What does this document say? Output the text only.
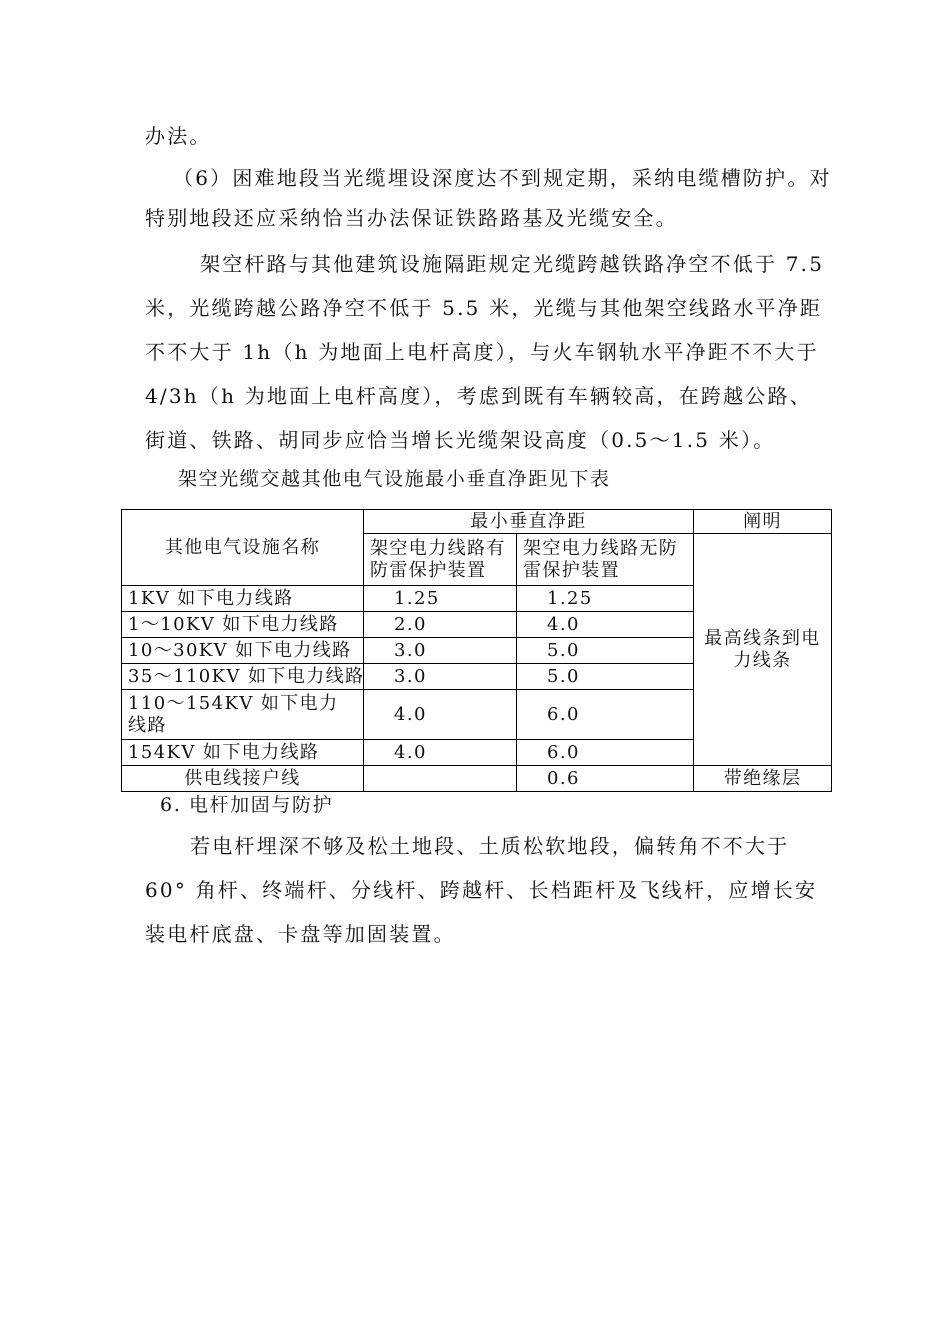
办法。

（6）困难地段当光缆埋设深度达不到规定期，采纳电缆槽防护。对

特别地段还应采纳恰当办法保证铁路路基及光缆安全。

架空杆路与其他建筑设施隔距规定光缆跨越铁路净空不低于 7.5

米，光缆跨越公路净空不低于 5.5 米，光缆与其他架空线路水平净距

不不大于 1h（h 为地面上电杆高度），与火车钢轨水平净距不不大于

4/3h（h 为地面上电杆高度），考虑到既有车辆较高，在跨越公路、

街道、铁路、胡同步应恰当增长光缆架设高度（0.5～1.5 米）。

架空光缆交越其他电气设施最小垂直净距见下表
其他电气设施名称	最小垂直净距		阐明
	架空电力线路有防雷保护装置	架空电力线路无防雷保护装置	最高线条到电力线条
1KV 如下电力线路	1.25	1.25	
1～10KV 如下电力线路	2.0	4.0	
10～30KV 如下电力线路	3.0	5.0	
35～110KV 如下电力线路	3.0	5.0	
110～154KV 如下电力线路	4.0	6.0	
154KV 如下电力线路	4.0	6.0	
供电线接户线		0.6	带绝缘层
6. 电杆加固与防护

若电杆埋深不够及松土地段、土质松软地段，偏转角不不大于

60° 角杆、终端杆、分线杆、跨越杆、长档距杆及飞线杆，应增长安

装电杆底盘、卡盘等加固装置。
